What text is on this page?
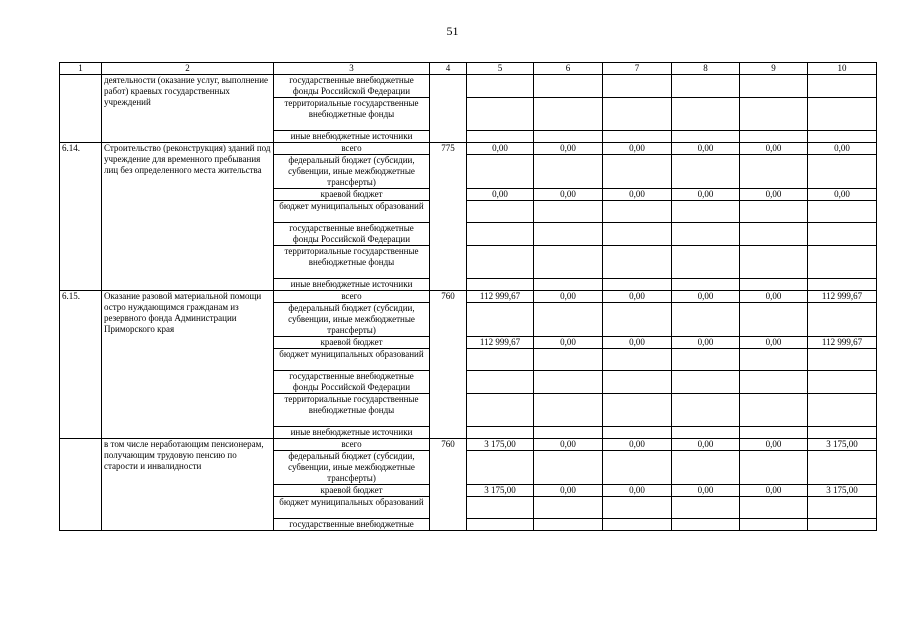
51
1	2	3	4	5	6	7	8	9	10
	деятельности (оказание услуг, выполнение работ) краевых государственных учреждений	государственные внебюджетные фонды Российской Федерации							
		территориальные государственные внебюджетные фонды							
		иные внебюджетные источники							
6.14.	Строительство (реконструкция) зданий под учреждение для временного пребывания лиц без определенного места жительства	всего	775	0,00	0,00	0,00	0,00	0,00	0,00
		федеральный бюджет (субсидии, субвенции, иные межбюджетные трансферты)							
		краевой бюджет		0,00	0,00	0,00	0,00	0,00	0,00
		бюджет муниципальных образований							
		государственные внебюджетные фонды Российской Федерации							
		территориальные государственные внебюджетные фонды							
		иные внебюджетные источники							
6.15.	Оказание разовой материальной помощи остро нуждающимся гражданам из резервного фонда Администрации Приморского края	всего	760	112 999,67	0,00	0,00	0,00	0,00	112 999,67
		федеральный бюджет (субсидии, субвенции, иные межбюджетные трансферты)							
		краевой бюджет		112 999,67	0,00	0,00	0,00	0,00	112 999,67
		бюджет муниципальных образований							
		государственные внебюджетные фонды Российской Федерации							
		территориальные государственные внебюджетные фонды							
		иные внебюджетные источники							
	в том числе неработающим пенсионерам, получающим трудовую пенсию по старости и инвалидности	всего	760	3 175,00	0,00	0,00	0,00	0,00	3 175,00
		федеральный бюджет (субсидии, субвенции, иные межбюджетные трансферты)							
		краевой бюджет		3 175,00	0,00	0,00	0,00	0,00	3 175,00
		бюджет муниципальных образований							
		государственные внебюджетные							
